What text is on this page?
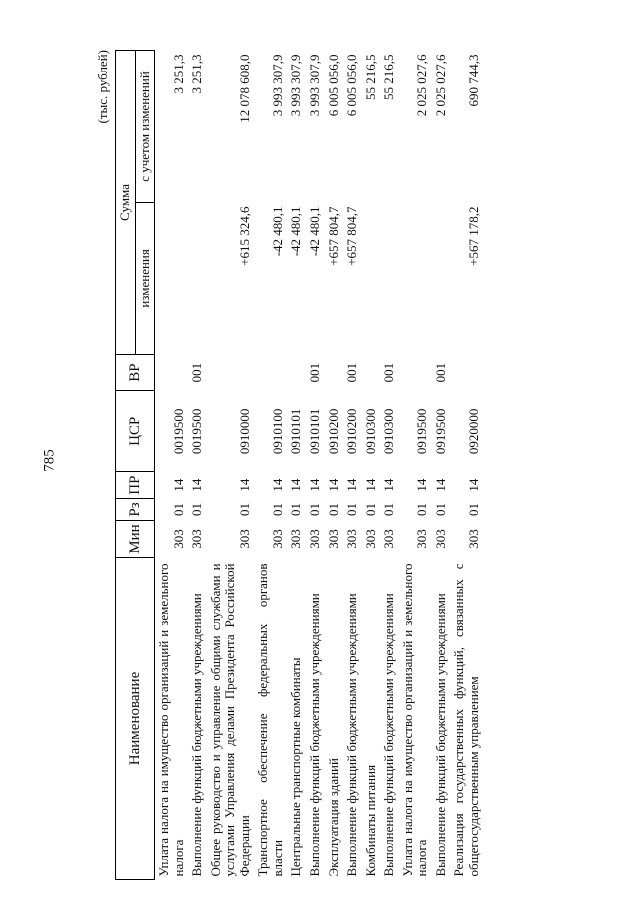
785
(тыс. рублей)
Наименование	Мин	Рз	ПР	ЦСР	ВР	Сумма	
						изменения	с учетом изменений
Уплата налога на имущество организаций и земельного налога	303	01	14	0019500			3 251,3
Выполнение функций бюджетными учреждениями	303	01	14	0019500	001		3 251,3
Общее руководство и управление общими службами и услугами Управления делами Президента Российской Федерации	303	01	14	0910000		+615 324,6	12 078 608,0
Транспортное обеспечение федеральных органов власти	303	01	14	0910100		-42 480,1	3 993 307,9
Центральные транспортные комбинаты	303	01	14	0910101		-42 480,1	3 993 307,9
Выполнение функций бюджетными учреждениями	303	01	14	0910101	001	-42 480,1	3 993 307,9
Эксплуатация зданий	303	01	14	0910200		+657 804,7	6 005 056,0
Выполнение функций бюджетными учреждениями	303	01	14	0910200	001	+657 804,7	6 005 056,0
Комбинаты питания	303	01	14	0910300			55 216,5
Выполнение функций бюджетными учреждениями	303	01	14	0910300	001		55 216,5
Уплата налога на имущество организаций и земельного налога	303	01	14	0919500			2 025 027,6
Выполнение функций бюджетными учреждениями	303	01	14	0919500	001		2 025 027,6
Реализация государственных функций, связанных с общегосударственным управлением	303	01	14	0920000		+567 178,2	690 744,3
